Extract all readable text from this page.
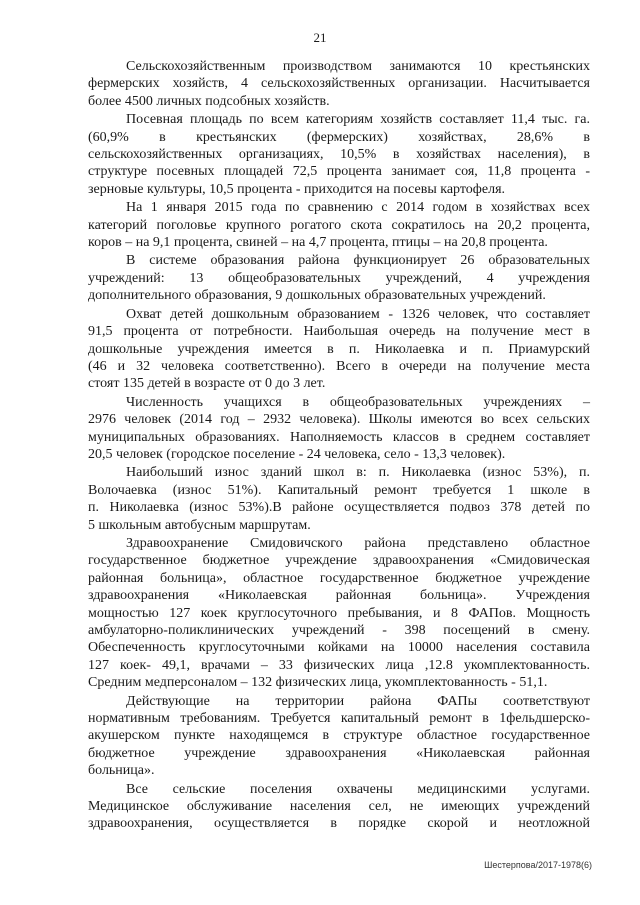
21

Сельскохозяйственным производством занимаются 10 крестьянских
фермерских хозяйств, 4 сельскохозяйственных организации. Насчитывается
более 4500 личных подсобных хозяйств.

Посевная площадь по всем категориям хозяйств составляет 11,4 тыс. га.
(60,9% в крестьянских (фермерских) хозяйствах, 28,6% в
сельскохозяйственных организациях, 10,5% в хозяйствах населения), в
структуре посевных площадей 72,5 процента занимает соя, 11,8 процента -
зерновые культуры, 10,5 процента - приходится на посевы картофеля.

На 1 января 2015 года по сравнению с 2014 годом в хозяйствах всех
категорий поголовье крупного рогатого скота сократилось на 20,2 процента,
коров – на 9,1 процента, свиней – на 4,7 процента, птицы – на 20,8 процента.

В системе образования района функционирует 26 образовательных
учреждений: 13 общеобразовательных учреждений, 4 учреждения
дополнительного образования, 9 дошкольных образовательных учреждений.

Охват детей дошкольным образованием - 1326 человек, что составляет
91,5 процента от потребности. Наибольшая очередь на получение мест в
дошкольные учреждения имеется в п. Николаевка и п. Приамурский
(46 и 32 человека соответственно). Всего в очереди на получение места
стоят 135 детей в возрасте от 0 до 3 лет.

Численность учащихся в общеобразовательных учреждениях –
2976 человек (2014 год – 2932 человека). Школы имеются во всех сельских
муниципальных образованиях. Наполняемость классов в среднем составляет
20,5 человек (городское поселение - 24 человека, село - 13,3 человек).

Наибольший износ зданий школ в: п. Николаевка (износ 53%), п.
Волочаевка (износ 51%). Капитальный ремонт требуется 1 школе в
п. Николаевка (износ 53%).В районе осуществляется подвоз 378 детей по
5 школьным автобусным маршрутам.

Здравоохранение Смидовичского района представлено областное
государственное бюджетное учреждение здравоохранения «Смидовическая
районная больница», областное государственное бюджетное учреждение
здравоохранения «Николаевская районная больница». Учреждения
мощностью 127 коек круглосуточного пребывания, и 8 ФАПов. Мощность
амбулаторно-поликлинических учреждений - 398 посещений в смену.
Обеспеченность круглосуточными койками на 10000 населения составила
127 коек- 49,1, врачами – 33 физических лица ,12.8 укомплектованность.
Средним медперсоналом – 132 физических лица, укомплектованность - 51,1.

Действующие на территории района ФАПы соответствуют
нормативным требованиям. Требуется капитальный ремонт в 1фельдшерско-
акушерском пункте находящемся в структуре областное государственное
бюджетное учреждение здравоохранения «Николаевская районная
больница».

Все сельские поселения охвачены медицинскими услугами.
Медицинское обслуживание населения сел, не имеющих учреждений
здравоохранения, осуществляется в порядке скорой и неотложной

Шестерпова/2017-1978(6)
